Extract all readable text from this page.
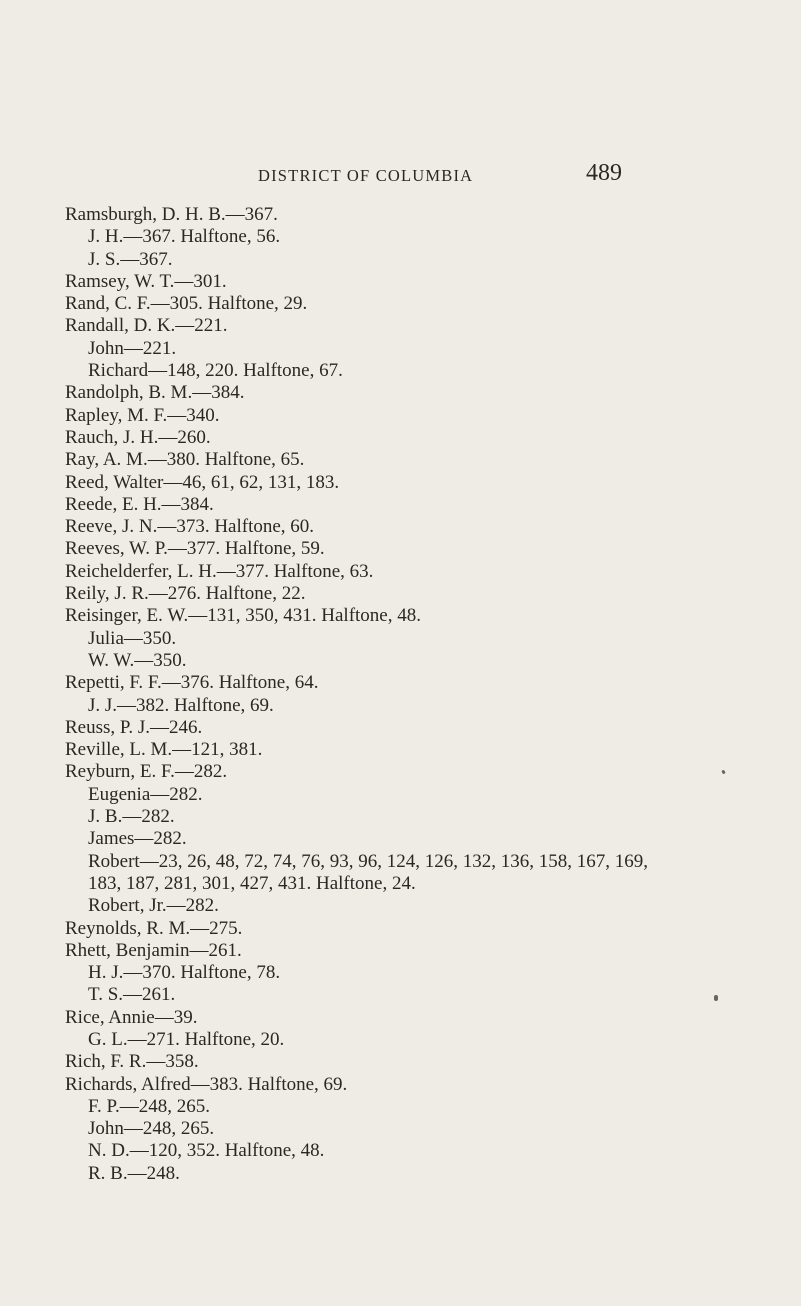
DISTRICT OF COLUMBIA	489
Ramsburgh, D. H. B.—367.
J. H.—367. Halftone, 56.
J. S.—367.
Ramsey, W. T.—301.
Rand, C. F.—305. Halftone, 29.
Randall, D. K.—221.
John—221.
Richard—148, 220. Halftone, 67.
Randolph, B. M.—384.
Rapley, M. F.—340.
Rauch, J. H.—260.
Ray, A. M.—380. Halftone, 65.
Reed, Walter—46, 61, 62, 131, 183.
Reede, E. H.—384.
Reeve, J. N.—373. Halftone, 60.
Reeves, W. P.—377. Halftone, 59.
Reichelderfer, L. H.—377. Halftone, 63.
Reily, J. R.—276. Halftone, 22.
Reisinger, E. W.—131, 350, 431. Halftone, 48.
Julia—350.
W. W.—350.
Repetti, F. F.—376. Halftone, 64.
J. J.—382. Halftone, 69.
Reuss, P. J.—246.
Reville, L. M.—121, 381.
Reyburn, E. F.—282.
Eugenia—282.
J. B.—282.
James—282.
Robert—23, 26, 48, 72, 74, 76, 93, 96, 124, 126, 132, 136, 158, 167, 169,
183, 187, 281, 301, 427, 431. Halftone, 24.
Robert, Jr.—282.
Reynolds, R. M.—275.
Rhett, Benjamin—261.
H. J.—370. Halftone, 78.
T. S.—261.
Rice, Annie—39.
G. L.—271. Halftone, 20.
Rich, F. R.—358.
Richards, Alfred—383. Halftone, 69.
F. P.—248, 265.
John—248, 265.
N. D.—120, 352. Halftone, 48.
R. B.—248.
